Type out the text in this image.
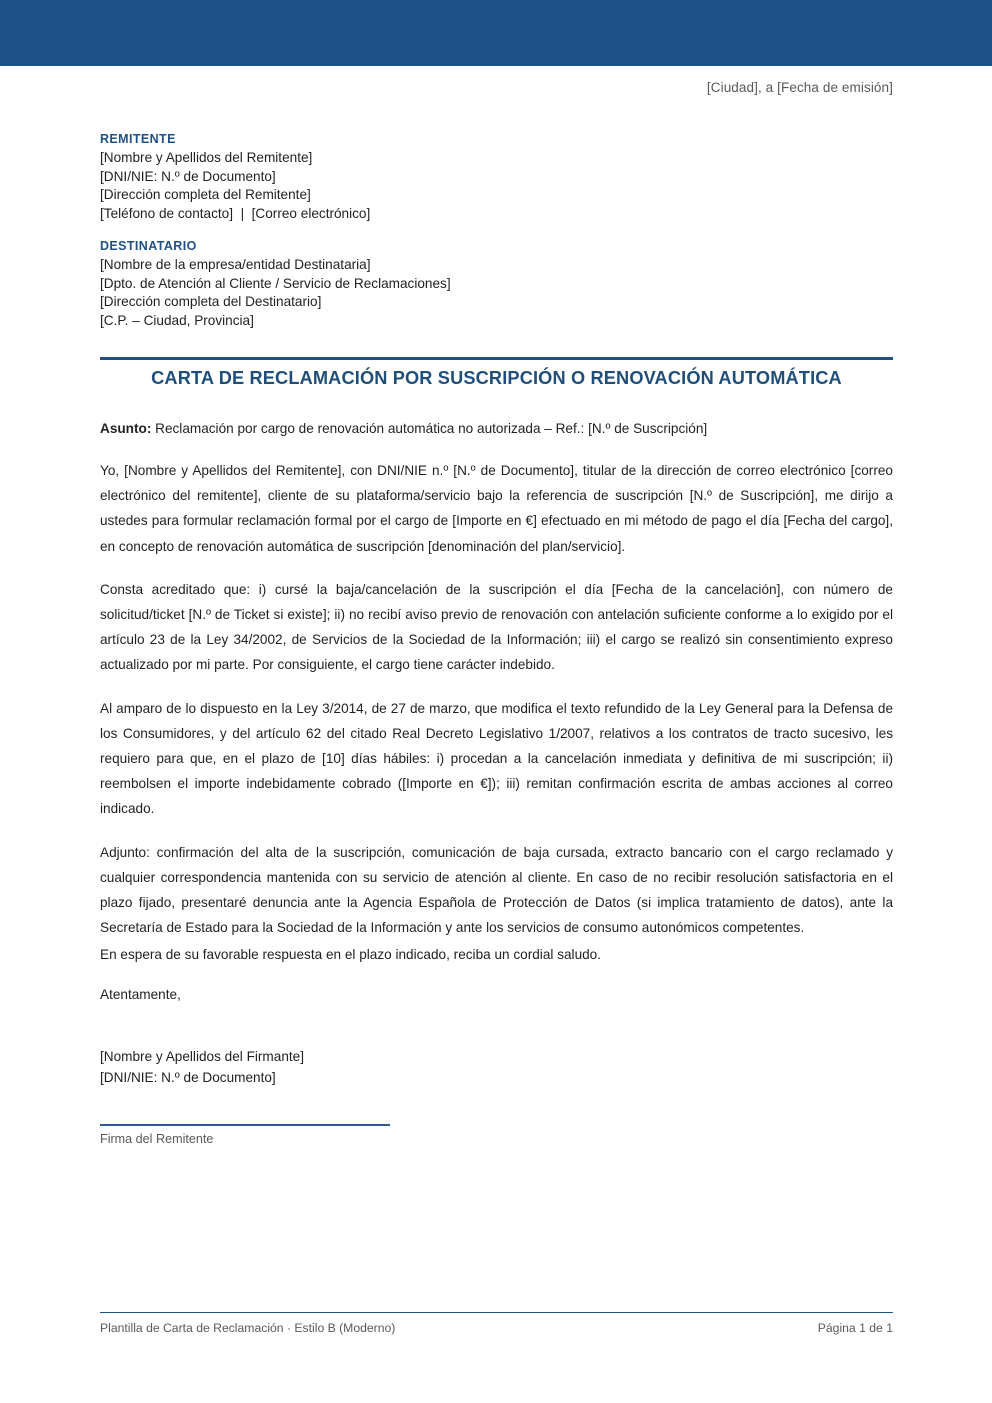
[Ciudad], a [Fecha de emisión]
REMITENTE
[Nombre y Apellidos del Remitente]
[DNI/NIE: N.º de Documento]
[Dirección completa del Remitente]
[Teléfono de contacto]  |  [Correo electrónico]
DESTINATARIO
[Nombre de la empresa/entidad Destinataria]
[Dpto. de Atención al Cliente / Servicio de Reclamaciones]
[Dirección completa del Destinatario]
[C.P. – Ciudad, Provincia]
CARTA DE RECLAMACIÓN POR SUSCRIPCIÓN O RENOVACIÓN AUTOMÁTICA
Asunto: Reclamación por cargo de renovación automática no autorizada – Ref.: [N.º de Suscripción]

Yo, [Nombre y Apellidos del Remitente], con DNI/NIE n.º [N.º de Documento], titular de la dirección de correo electrónico [correo electrónico del remitente], cliente de su plataforma/servicio bajo la referencia de suscripción [N.º de Suscripción], me dirijo a ustedes para formular reclamación formal por el cargo de [Importe en €] efectuado en mi método de pago el día [Fecha del cargo], en concepto de renovación automática de suscripción [denominación del plan/servicio].

Consta acreditado que: i) cursé la baja/cancelación de la suscripción el día [Fecha de la cancelación], con número de solicitud/ticket [N.º de Ticket si existe]; ii) no recibí aviso previo de renovación con antelación suficiente conforme a lo exigido por el artículo 23 de la Ley 34/2002, de Servicios de la Sociedad de la Información; iii) el cargo se realizó sin consentimiento expreso actualizado por mi parte. Por consiguiente, el cargo tiene carácter indebido.

Al amparo de lo dispuesto en la Ley 3/2014, de 27 de marzo, que modifica el texto refundido de la Ley General para la Defensa de los Consumidores, y del artículo 62 del citado Real Decreto Legislativo 1/2007, relativos a los contratos de tracto sucesivo, les requiero para que, en el plazo de [10] días hábiles: i) procedan a la cancelación inmediata y definitiva de mi suscripción; ii) reembolsen el importe indebidamente cobrado ([Importe en €]); iii) remitan confirmación escrita de ambas acciones al correo indicado.

Adjunto: confirmación del alta de la suscripción, comunicación de baja cursada, extracto bancario con el cargo reclamado y cualquier correspondencia mantenida con su servicio de atención al cliente. En caso de no recibir resolución satisfactoria en el plazo fijado, presentaré denuncia ante la Agencia Española de Protección de Datos (si implica tratamiento de datos), ante la Secretaría de Estado para la Sociedad de la Información y ante los servicios de consumo autonómicos competentes.

En espera de su favorable respuesta en el plazo indicado, reciba un cordial saludo.
Atentamente,
[Nombre y Apellidos del Firmante]
[DNI/NIE: N.º de Documento]
Firma del Remitente
Plantilla de Carta de Reclamación · Estilo B (Moderno)	Página 1 de 1
